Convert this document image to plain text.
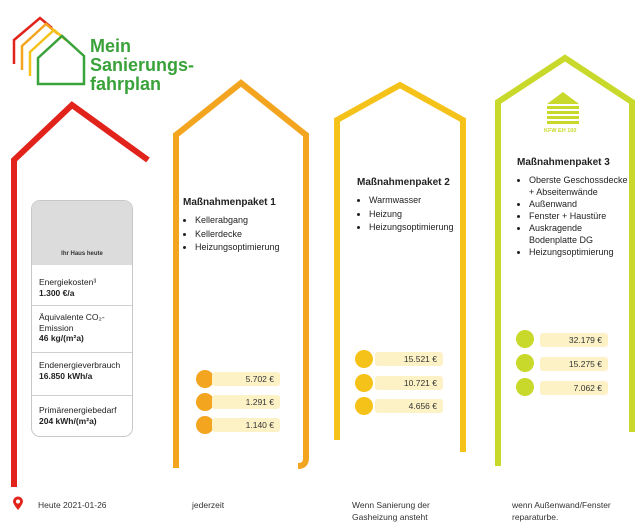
Mein
Sanierungs-
fahrplan
Ihr Haus heute
Energiekosten³
1.300 €/a
Äquivalente CO₂-Emission
46 kg/(m²a)
Endenergieverbrauch
16.850 kWh/a
Primärenergiebedarf
204 kWh/(m²a)
Maßnahmenpaket 1
• Kellerabgang
• Kellerdecke
• Heizungsoptimierung
5.702 €
1.291 €
1.140 €
Maßnahmenpaket 2
• Warmwasser
• Heizung
• Heizungsoptimierung
15.521 €
10.721 €
4.656 €
KFW EH 100
Maßnahmenpaket 3
• Oberste Geschossdecke + Abseitenwände
• Außenwand
• Fenster + Haustüre
• Auskragende Bodenplatte DG
• Heizungsoptimierung
32.179 €
15.275 €
7.062 €
Heute 2021-01-26	jederzeit	Wenn Sanierung der Gasheizung ansteht
wenn Außenwand/Fenster reparaturbe.
